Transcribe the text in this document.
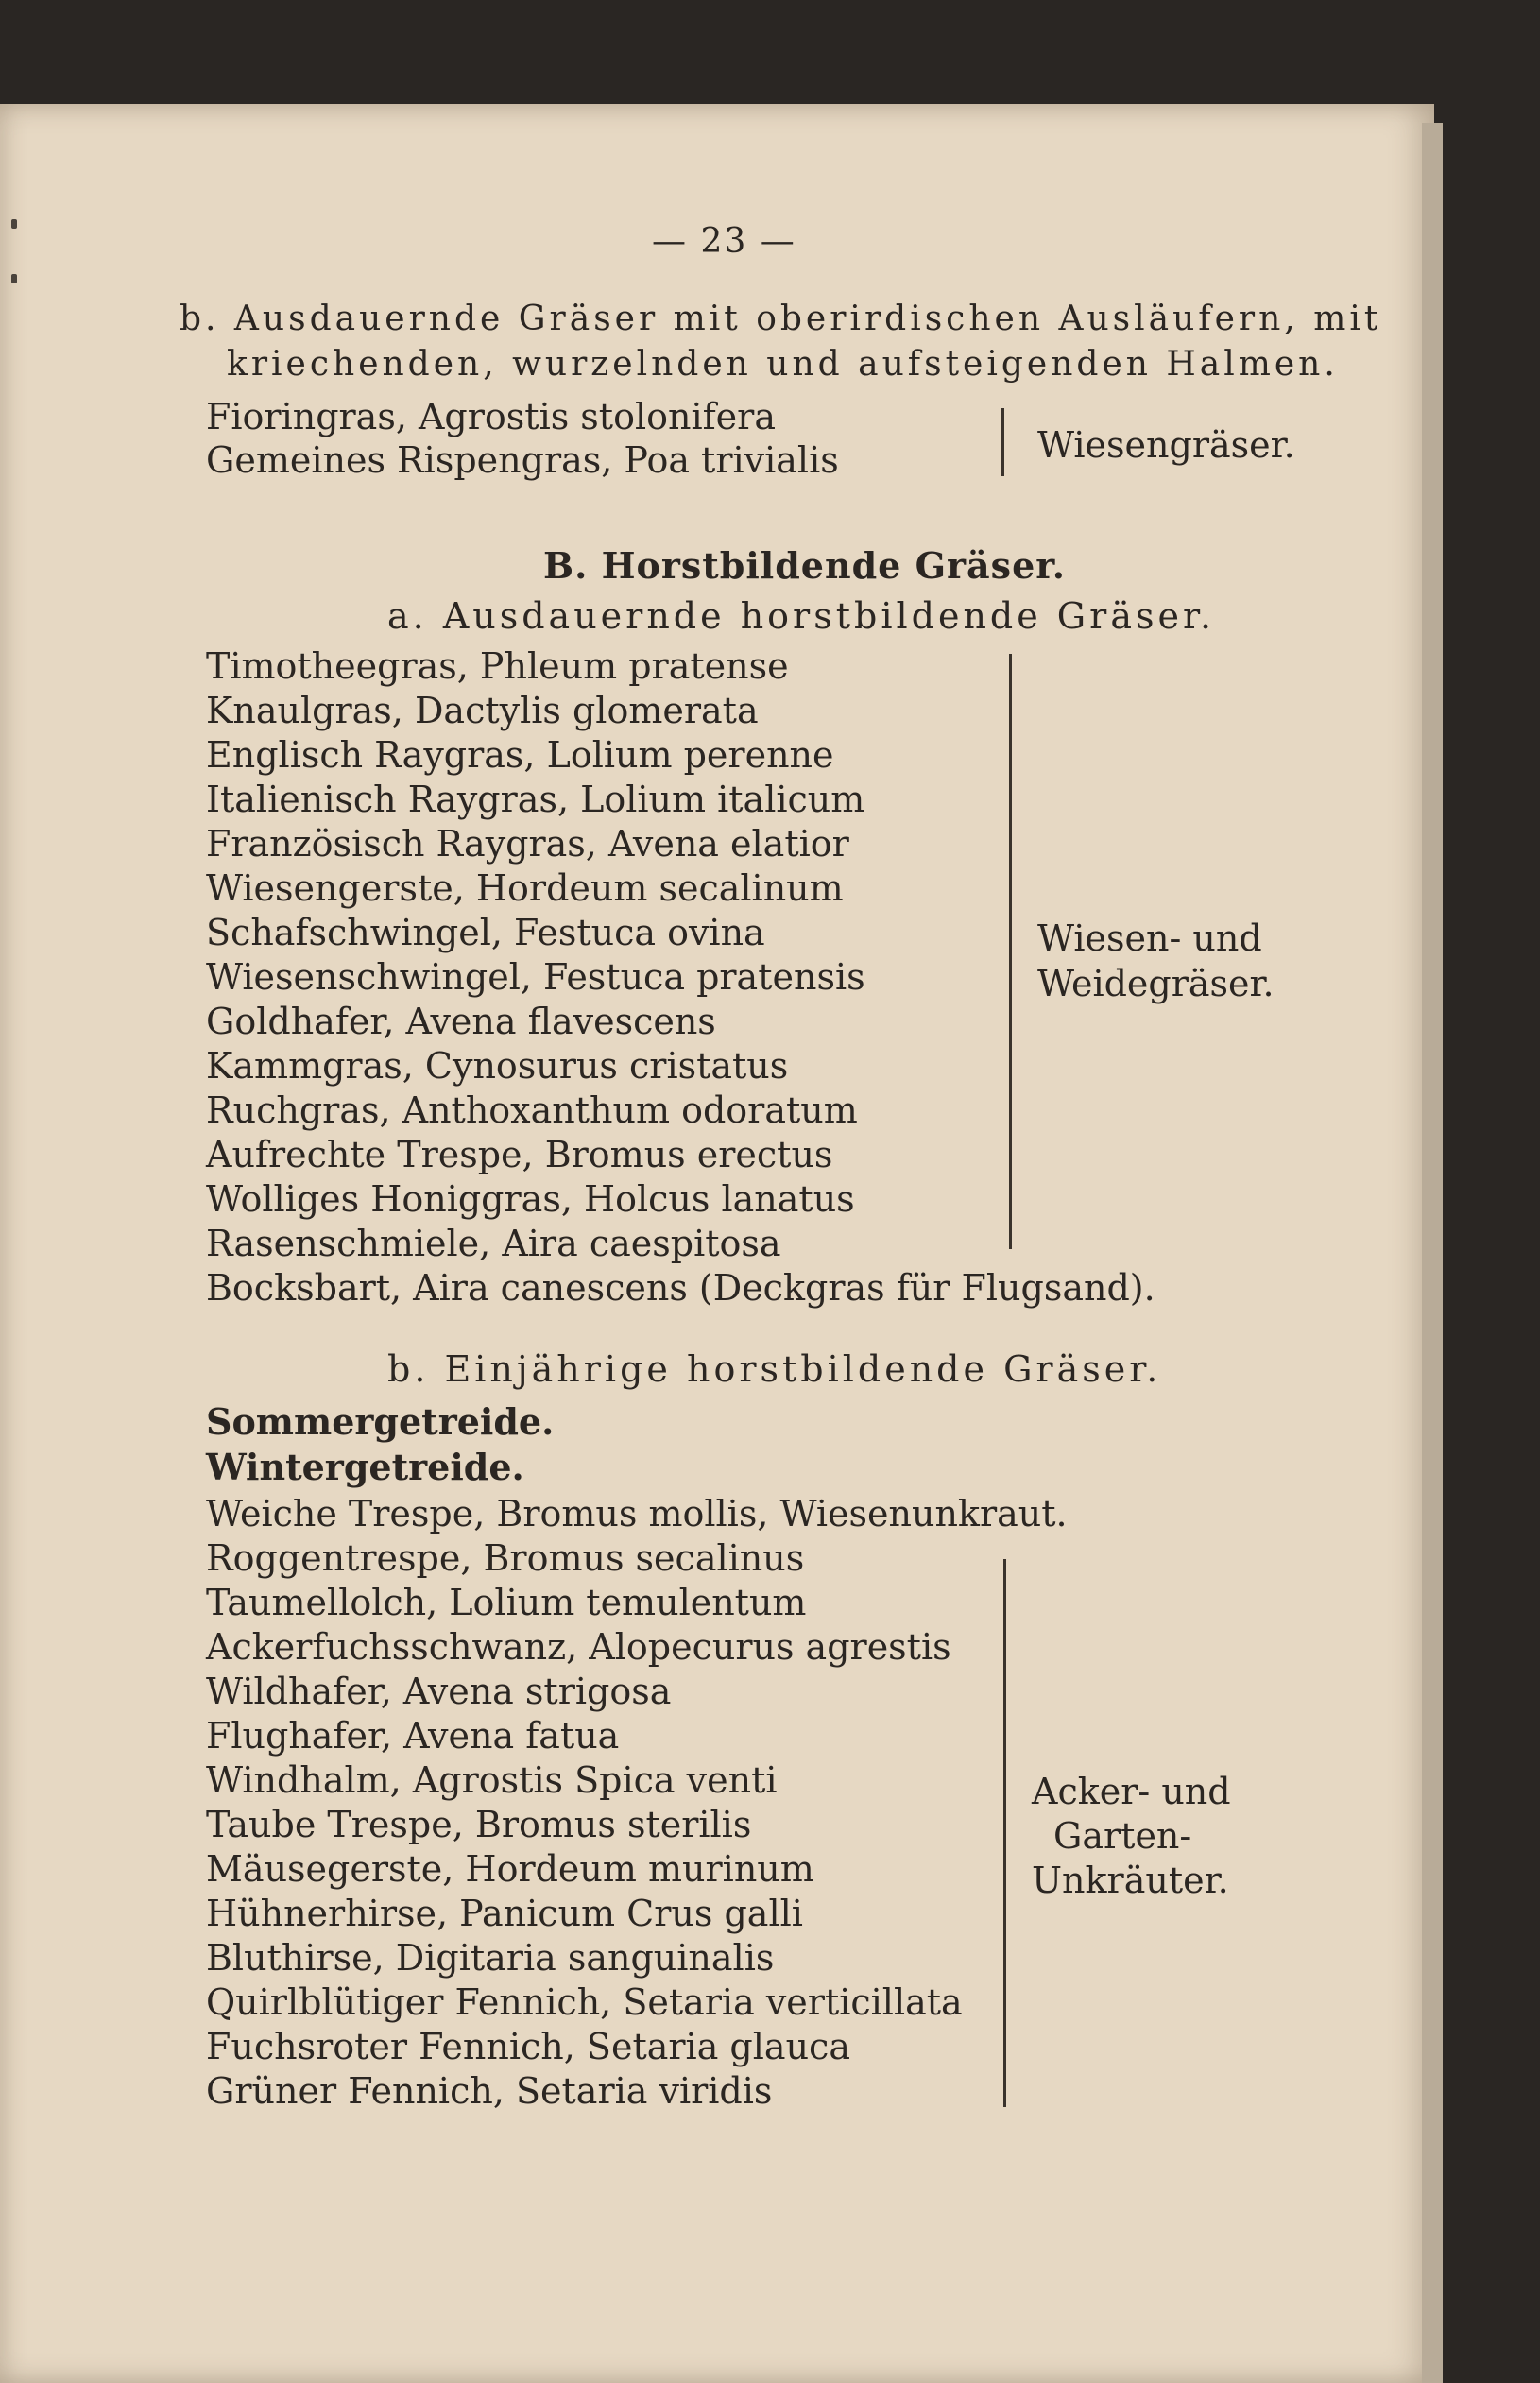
— 23 —
b. Ausdauernde Gräser mit oberirdischen Ausläufern, mit
kriechenden, wurzelnden und aufsteigenden Halmen.
Fioringras, Agrostis stolonifera
Gemeines Rispengras, Poa trivialis	Wiesengräser.
B. Horstbildende Gräser.
a. Ausdauernde horstbildende Gräser.
Timotheegras, Phleum pratense
Knaulgras, Dactylis glomerata
Englisch Raygras, Lolium perenne
Italienisch Raygras, Lolium italicum
Französisch Raygras, Avena elatior
Wiesengerste, Hordeum secalinum
Schafschwingel, Festuca ovina
Wiesenschwingel, Festuca pratensis
Goldhafer, Avena flavescens
Kammgras, Cynosurus cristatus
Ruchgras, Anthoxanthum odoratum
Aufrechte Trespe, Bromus erectus
Wolliges Honiggras, Holcus lanatus
Rasenschmiele, Aira caespitosa
Wiesen- und
Weidegräser.
Bocksbart, Aira canescens (Deckgras für Flugsand).
b. Einjährige horstbildende Gräser.
Sommergetreide.
Wintergetreide.
Weiche Trespe, Bromus mollis, Wiesenunkraut.
Roggentrespe, Bromus secalinus
Taumellolch, Lolium temulentum
Ackerfuchsschwanz, Alopecurus agrestis
Wildhafer, Avena strigosa
Flughafer, Avena fatua
Windhalm, Agrostis Spica venti
Taube Trespe, Bromus sterilis
Mäusegerste, Hordeum murinum
Hühnerhirse, Panicum Crus galli
Bluthirse, Digitaria sanguinalis
Quirlblütiger Fennich, Setaria verticillata
Fuchsroter Fennich, Setaria glauca
Grüner Fennich, Setaria viridis
Acker- und
Garten-
Unkräuter.
